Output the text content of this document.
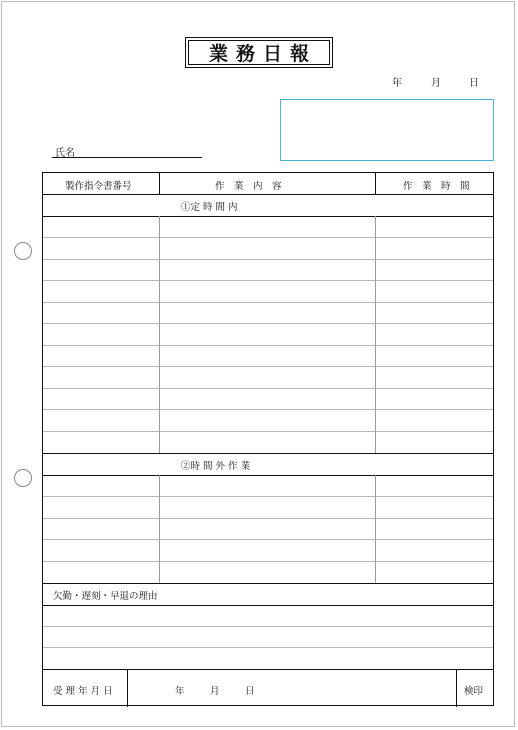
業務日報
年	月	日
氏名
製作指令書番号	作　業　内　容	作　業　時　間
①定 時 間 内
②時 間 外 作 業
欠勤・遅刻・早退の理由
受 理 年 月 日	年	月	日	検印
